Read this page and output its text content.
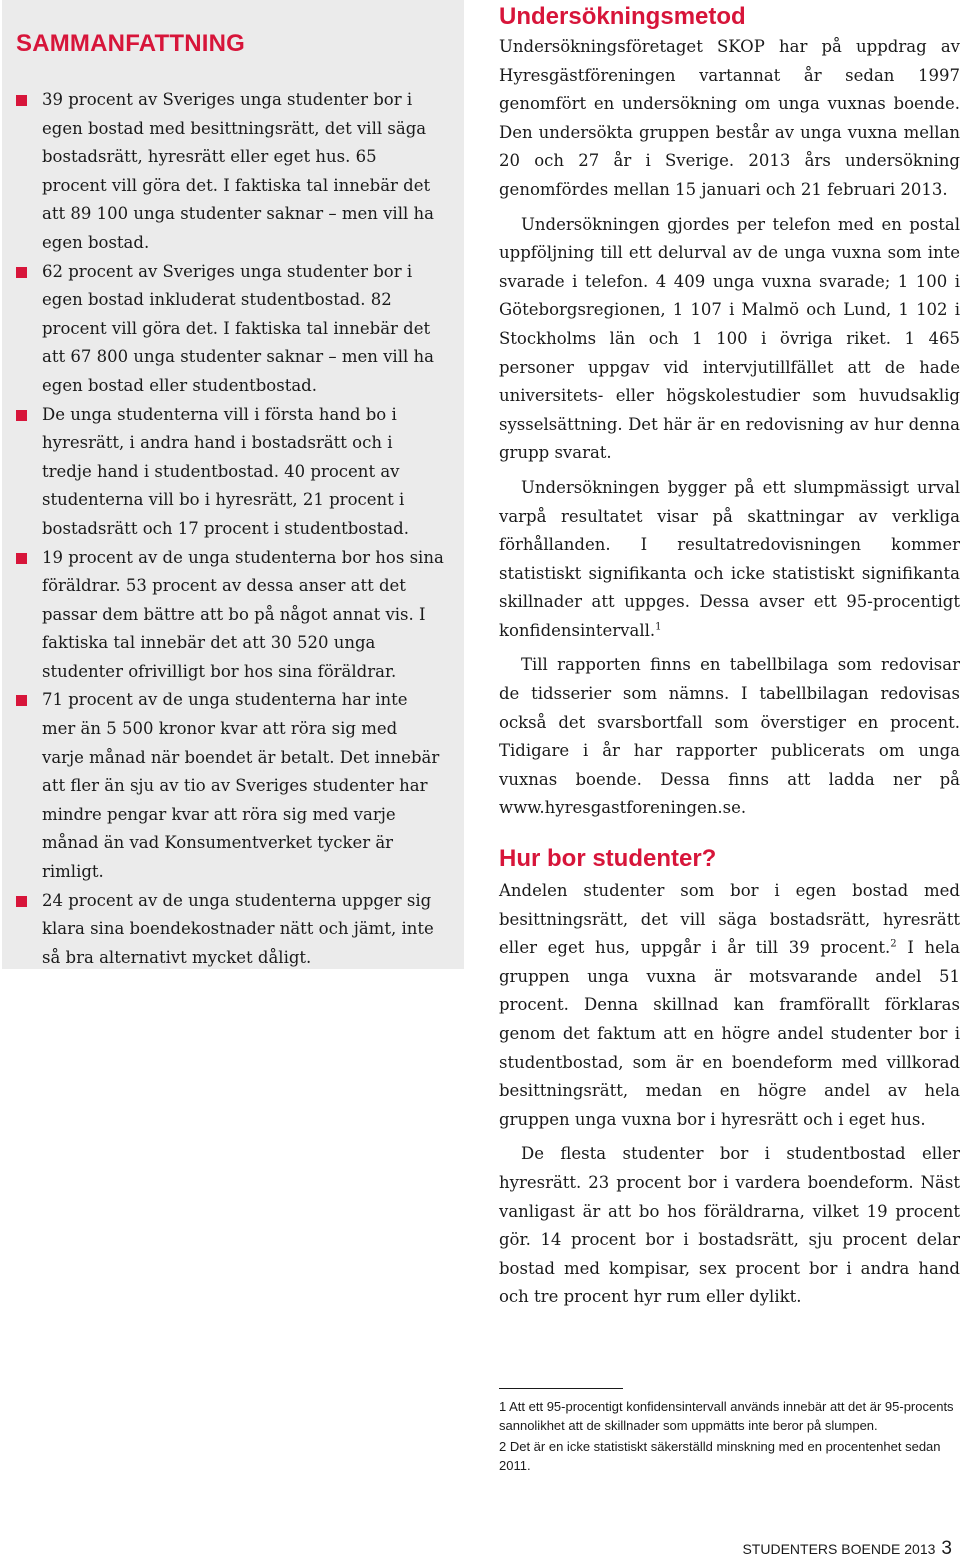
SAMMANFATTNING
39 procent av Sveriges unga studenter bor i egen bostad med besittningsrätt, det vill säga bostadsrätt, hyresrätt eller eget hus. 65 procent vill göra det. I faktiska tal innebär det att 89 100 unga studenter saknar – men vill ha egen bostad.
62 procent av Sveriges unga studenter bor i egen bostad inkluderat studentbostad. 82 procent vill göra det. I faktiska tal innebär det att 67 800 unga studenter saknar – men vill ha egen bostad eller studentbostad.
De unga studenterna vill i första hand bo i hyresrätt, i andra hand i bostadsrätt och i tredje hand i studentbostad. 40 procent av studenterna vill bo i hyresrätt, 21 procent i bostadsrätt och 17 procent i studentbostad.
19 procent av de unga studenterna bor hos sina föräldrar. 53 procent av dessa anser att det passar dem bättre att bo på något annat vis. I faktiska tal innebär det att 30 520 unga studenter ofrivilligt bor hos sina föräldrar.
71 procent av de unga studenterna har inte mer än 5 500 kronor kvar att röra sig med varje månad när boendet är betalt. Det innebär att fler än sju av tio av Sveriges studenter har mindre pengar kvar att röra sig med varje månad än vad Konsumentverket tycker är rimligt.
24 procent av de unga studenterna uppger sig klara sina boendekostnader nätt och jämt, inte så bra alternativt mycket dåligt.
Undersökningsmetod

Undersökningsföretaget SKOP har på uppdrag av Hyresgästföreningen vartannat år sedan 1997 genomfört en undersökning om unga vuxnas boende. Den undersökta gruppen består av unga vuxna mellan 20 och 27 år i Sverige. 2013 års undersökning genomfördes mellan 15 januari och 21 februari 2013.

Undersökningen gjordes per telefon med en postal uppföljning till ett delurval av de unga vuxna som inte svarade i telefon. 4 409 unga vuxna svarade; 1 100 i Göteborgsregionen, 1 107 i Malmö och Lund, 1 102 i Stockholms län och 1 100 i övriga riket. 1 465 personer uppgav vid intervjutillfället att de hade universitets- eller högskolestudier som huvudsaklig sysselsättning. Det här är en redovisning av hur denna grupp svarat.

Undersökningen bygger på ett slumpmässigt urval varpå resultatet visar på skattningar av verkliga förhållanden. I resultatredovisningen kommer statistiskt signifikanta och icke statistiskt signifikanta skillnader att uppges. Dessa avser ett 95-procentigt konfidensintervall.$^1$

Till rapporten finns en tabellbilaga som redovisar de tidsserier som nämns. I tabellbilagan redovisas också det svarsbortfall som överstiger en procent. Tidigare i år har rapporter publicerats om unga vuxnas boende. Dessa finns att ladda ner på www.hyresgastforeningen.se.

Hur bor studenter?

Andelen studenter som bor i egen bostad med besittningsrätt, det vill säga bostadsrätt, hyresrätt eller eget hus, uppgår i år till 39 procent.$^2$ I hela gruppen unga vuxna är motsvarande andel 51 procent. Denna skillnad kan framförallt förklaras genom det faktum att en högre andel studenter bor i studentbostad, som är en boendeform med villkorad besittningsrätt, medan en högre andel av hela gruppen unga vuxna bor i hyresrätt och i eget hus.

De flesta studenter bor i studentbostad eller hyresrätt. 23 procent bor i vardera boendeform. Näst vanligast är att bo hos föräldrarna, vilket 19 procent gör. 14 procent bor i bostadsrätt, sju procent delar bostad med kompisar, sex procent bor i andra hand och tre procent hyr rum eller dylikt.

1 Att ett 95-procentigt konfidensintervall används innebär att det är 95-procents sannolikhet att de skillnader som uppmätts inte beror på slumpen.
2 Det är en icke statistiskt säkerställd minskning med en procentenhet sedan 2011.
STUDENTERS BOENDE 2013 3
